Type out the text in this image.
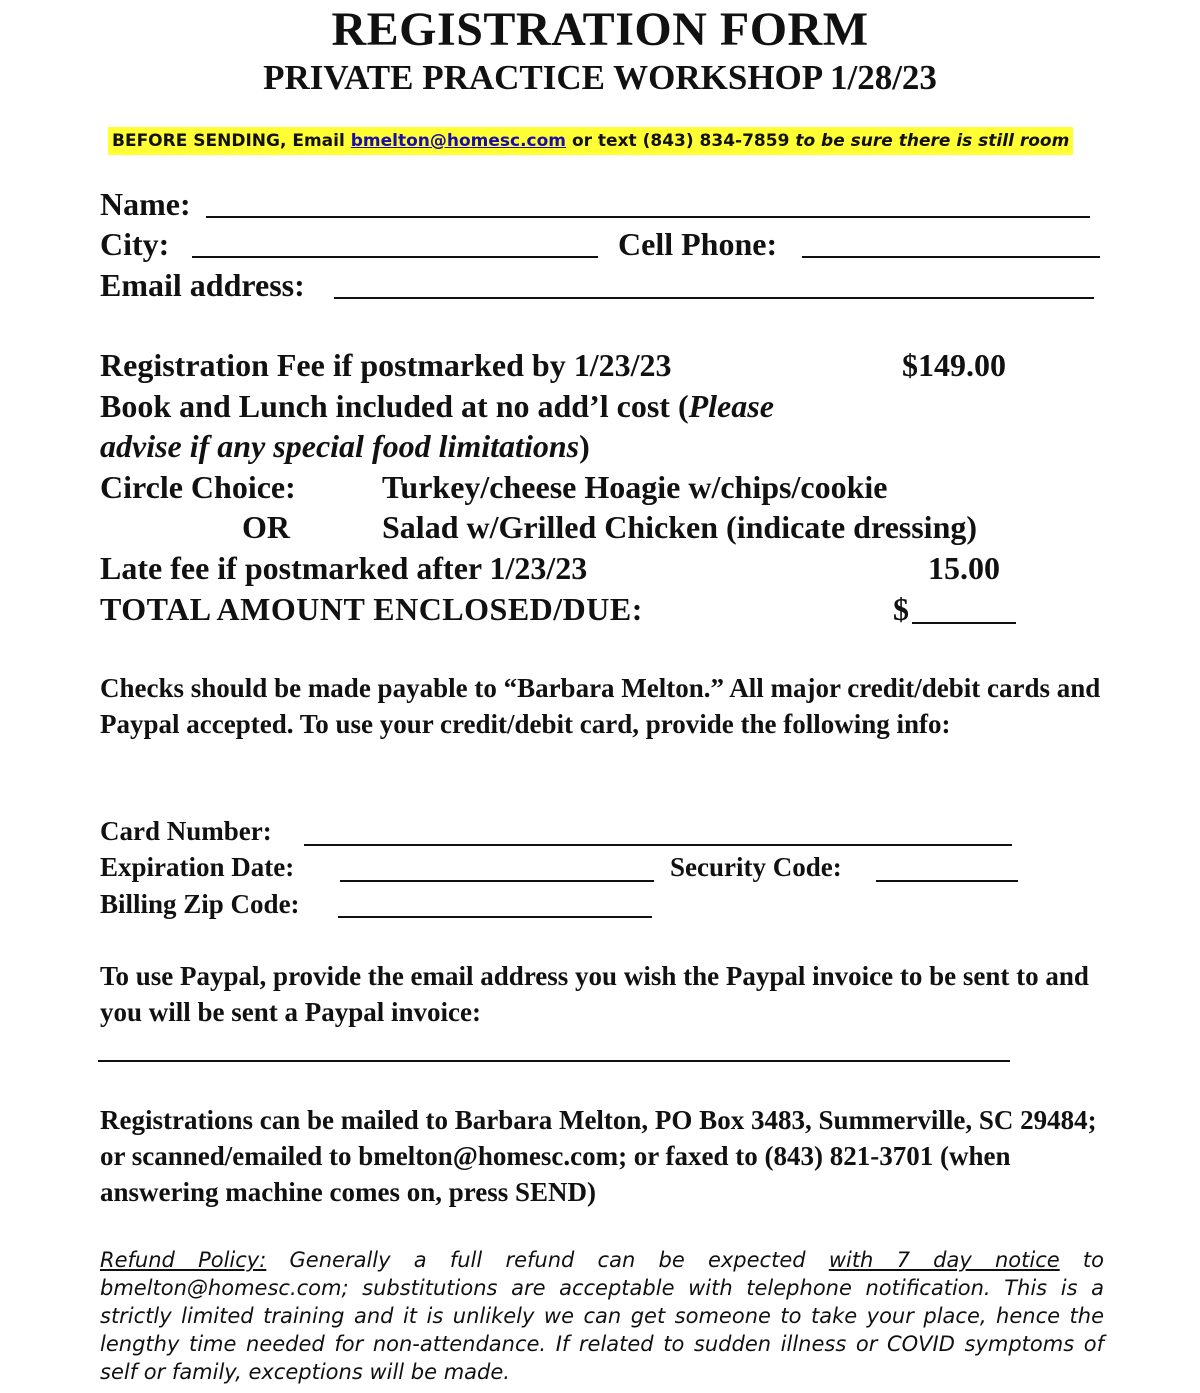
REGISTRATION FORM
PRIVATE PRACTICE WORKSHOP 1/28/23
BEFORE SENDING, Email bmelton@homesc.com or text (843) 834-7859 to be sure there is still room
Name:
City:	Cell Phone:
Email address:
Registration Fee if postmarked by 1/23/23	$149.00
Book and Lunch included at no add’l cost (Please
advise if any special food limitations)
Circle Choice:	Turkey/cheese Hoagie w/chips/cookie
OR	Salad w/Grilled Chicken (indicate dressing)
Late fee if postmarked after 1/23/23	15.00
TOTAL AMOUNT ENCLOSED/DUE:	$
Checks should be made payable to “Barbara Melton.” All major credit/debit cards and Paypal accepted. To use your credit/debit card, provide the following info:
Card Number:
Expiration Date:	Security Code:
Billing Zip Code:
To use Paypal, provide the email address you wish the Paypal invoice to be sent to and you will be sent a Paypal invoice:
Registrations can be mailed to Barbara Melton, PO Box 3483, Summerville, SC 29484; or scanned/emailed to bmelton@homesc.com; or faxed to (843) 821-3701 (when answering machine comes on, press SEND)
Refund Policy: Generally a full refund can be expected with 7 day notice to bmelton@homesc.com; substitutions are acceptable with telephone notification. This is a strictly limited training and it is unlikely we can get someone to take your place, hence the lengthy time needed for non-attendance. If related to sudden illness or COVID symptoms of self or family, exceptions will be made.
